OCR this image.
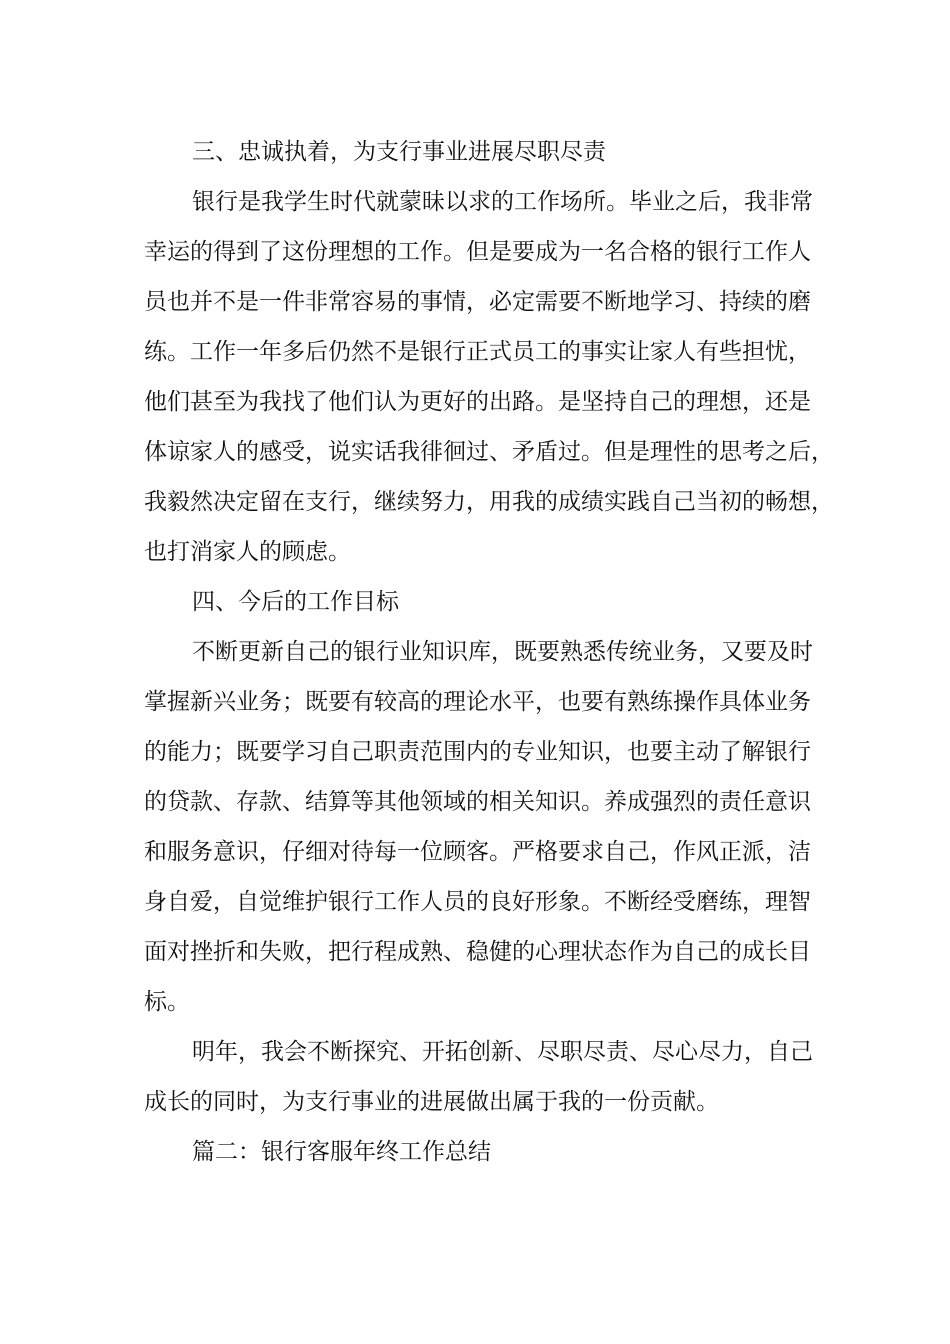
三、忠诚执着，为支行事业进展尽职尽责
银行是我学生时代就蒙昧以求的工作场所。毕业之后，我非常
幸运的得到了这份理想的工作。但是要成为一名合格的银行工作人
员也并不是一件非常容易的事情，必定需要不断地学习、持续的磨
练。工作一年多后仍然不是银行正式员工的事实让家人有些担忧，
他们甚至为我找了他们认为更好的出路。是坚持自己的理想，还是
体谅家人的感受，说实话我徘徊过、矛盾过。但是理性的思考之后，
我毅然决定留在支行，继续努力，用我的成绩实践自己当初的畅想，
也打消家人的顾虑。
四、今后的工作目标
不断更新自己的银行业知识库，既要熟悉传统业务，又要及时
掌握新兴业务；既要有较高的理论水平，也要有熟练操作具体业务
的能力；既要学习自己职责范围内的专业知识，也要主动了解银行
的贷款、存款、结算等其他领域的相关知识。养成强烈的责任意识
和服务意识，仔细对待每一位顾客。严格要求自己，作风正派，洁
身自爱，自觉维护银行工作人员的良好形象。不断经受磨练，理智
面对挫折和失败，把行程成熟、稳健的心理状态作为自己的成长目
标。
明年，我会不断探究、开拓创新、尽职尽责、尽心尽力，自己
成长的同时，为支行事业的进展做出属于我的一份贡献。
篇二：银行客服年终工作总结
